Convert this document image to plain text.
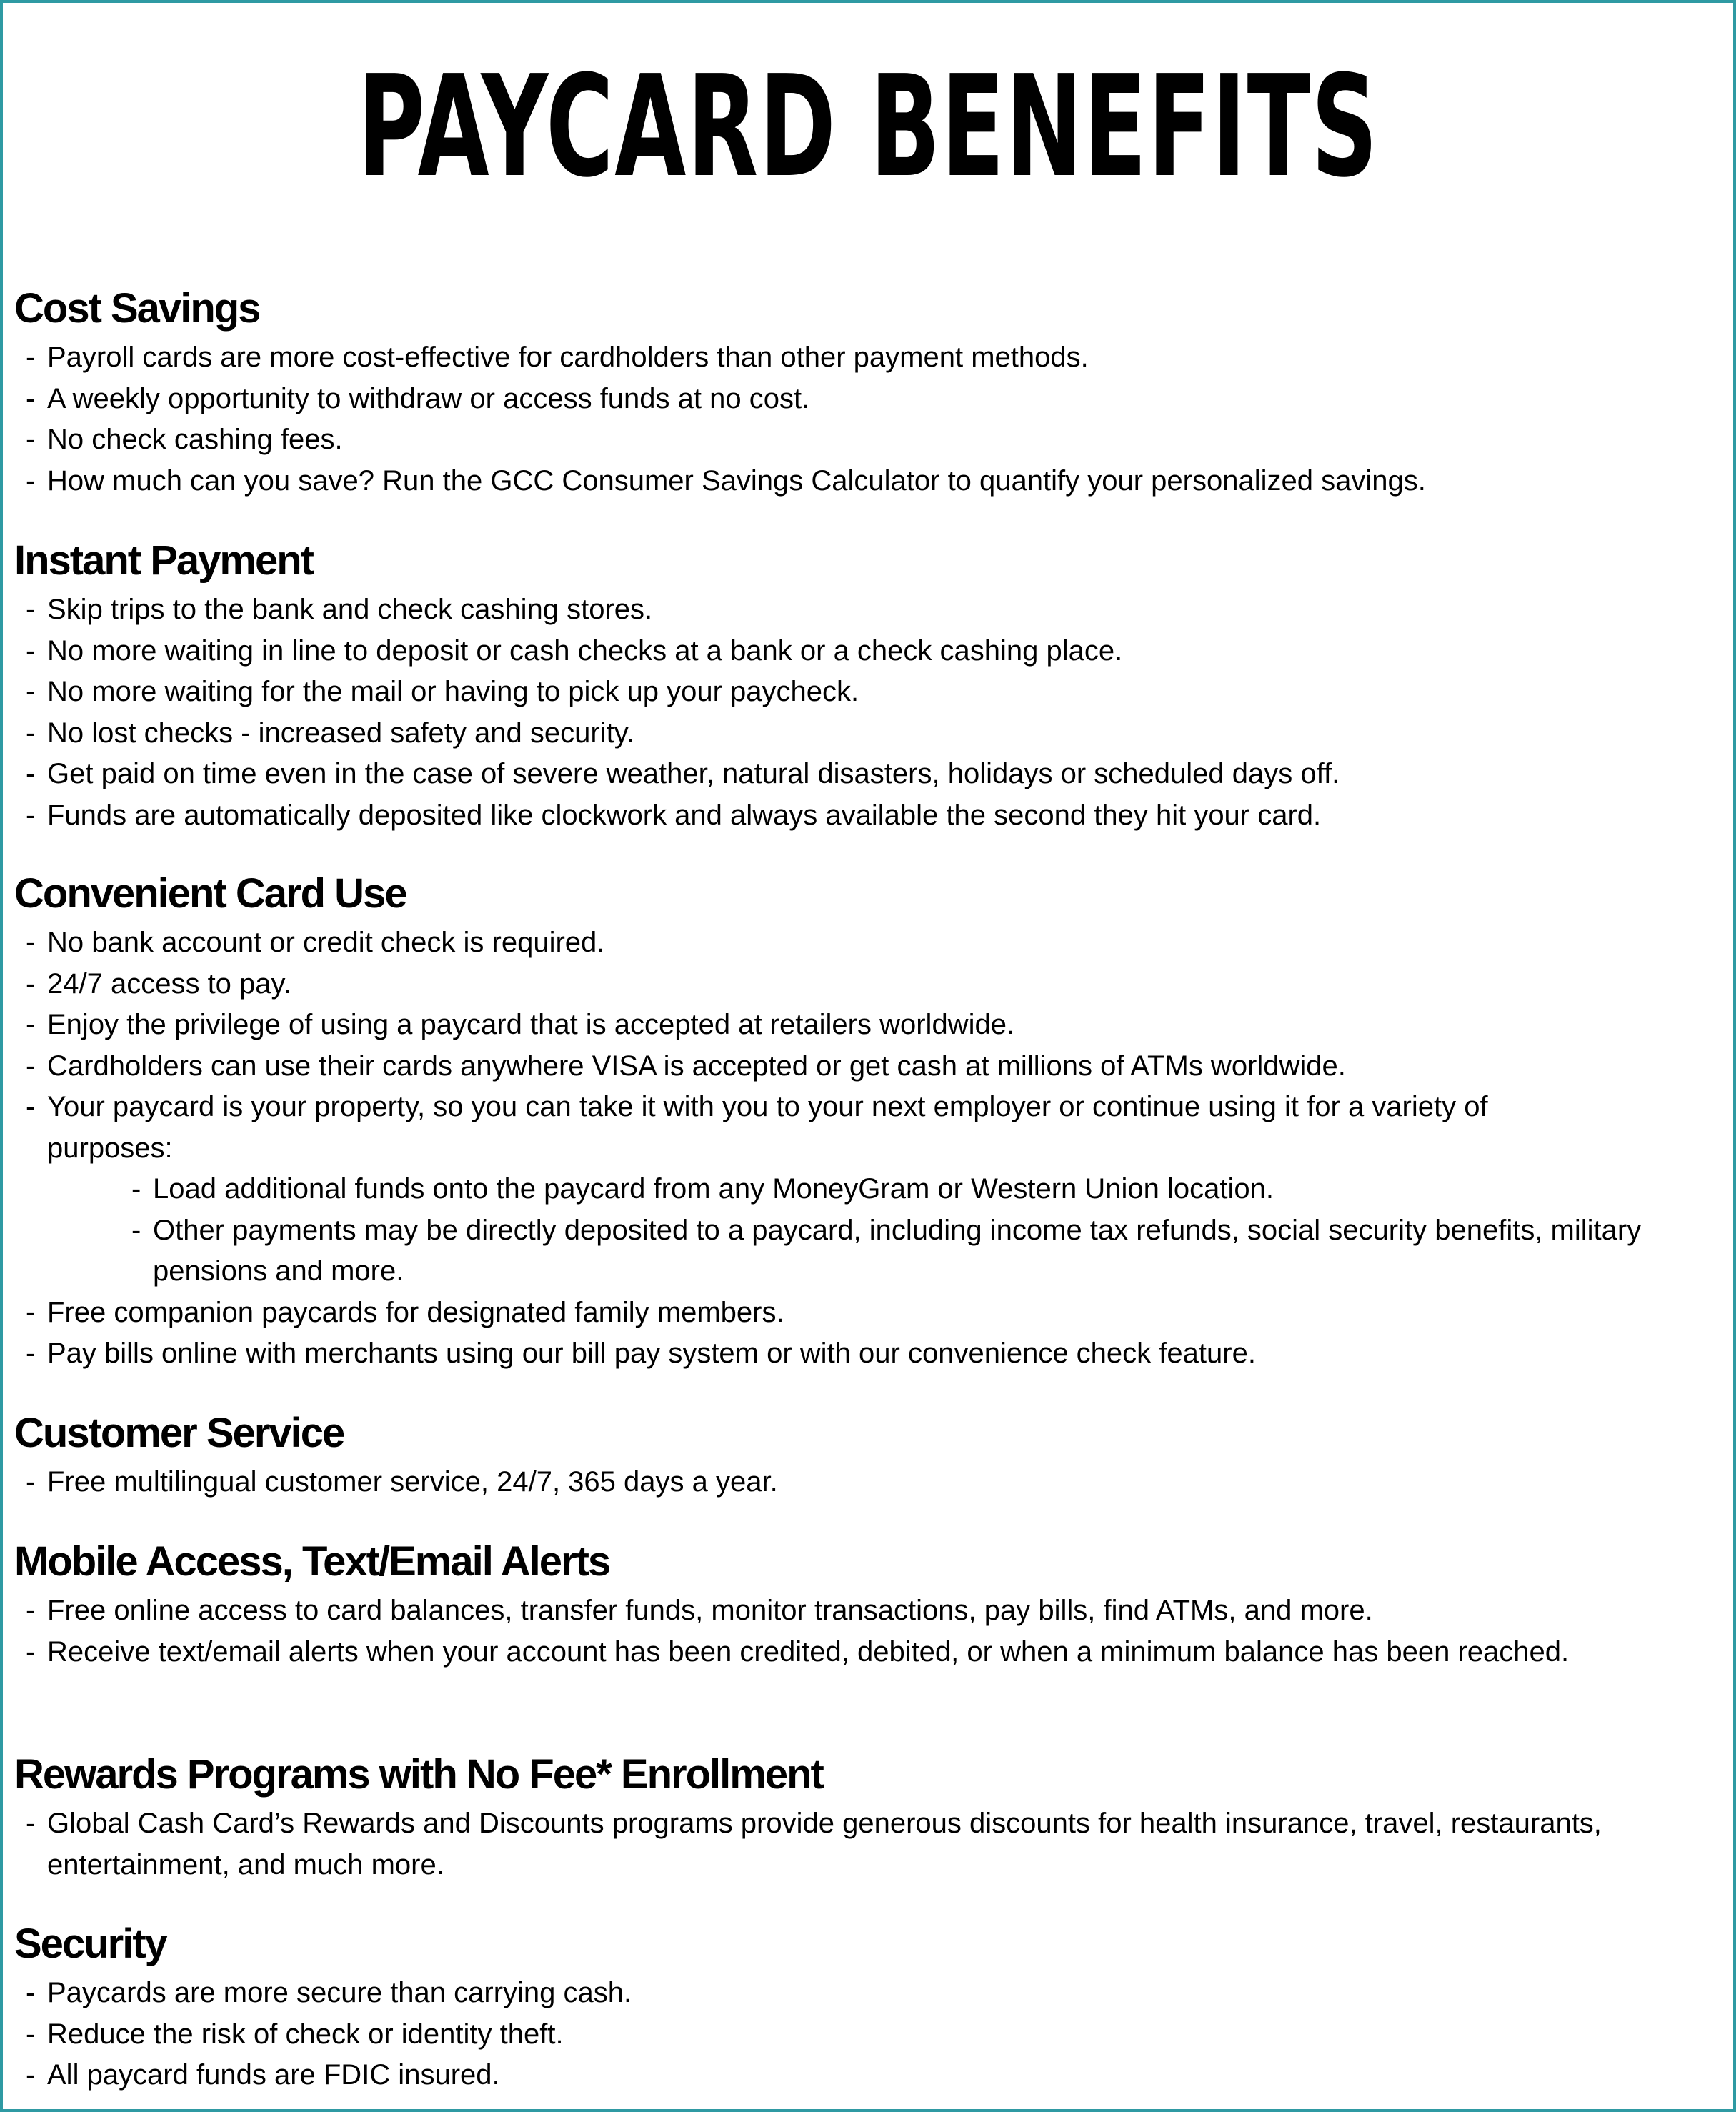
PAYCARD BENEFITS
Cost Savings
- Payroll cards are more cost-effective for cardholders than other payment methods.
- A weekly opportunity to withdraw or access funds at no cost.
- No check cashing fees.
- How much can you save? Run the GCC Consumer Savings Calculator to quantify your personalized savings.
Instant Payment
- Skip trips to the bank and check cashing stores.
- No more waiting in line to deposit or cash checks at a bank or a check cashing place.
- No more waiting for the mail or having to pick up your paycheck.
- No lost checks - increased safety and security.
- Get paid on time even in the case of severe weather, natural disasters, holidays or scheduled days off.
- Funds are automatically deposited like clockwork and always available the second they hit your card.
Convenient Card Use
- No bank account or credit check is required.
- 24/7 access to pay.
- Enjoy the privilege of using a paycard that is accepted at retailers worldwide.
- Cardholders can use their cards anywhere VISA is accepted or get cash at millions of ATMs worldwide.
- Your paycard is your property, so you can take it with you to your next employer or continue using it for a variety of purposes:
- Load additional funds onto the paycard from any MoneyGram or Western Union location.
- Other payments may be directly deposited to a paycard, including income tax refunds, social security benefits, military pensions and more.
- Free companion paycards for designated family members.
- Pay bills online with merchants using our bill pay system or with our convenience check feature.
Customer Service
- Free multilingual customer service, 24/7, 365 days a year.
Mobile Access, Text/Email Alerts
- Free online access to card balances, transfer funds, monitor transactions, pay bills, find ATMs, and more.
- Receive text/email alerts when your account has been credited, debited, or when a minimum balance has been reached.
Rewards Programs with No Fee* Enrollment
- Global Cash Card’s Rewards and Discounts programs provide generous discounts for health insurance, travel, restaurants, entertainment, and much more.
Security
- Paycards are more secure than carrying cash.
- Reduce the risk of check or identity theft.
- All paycard funds are FDIC insured.
